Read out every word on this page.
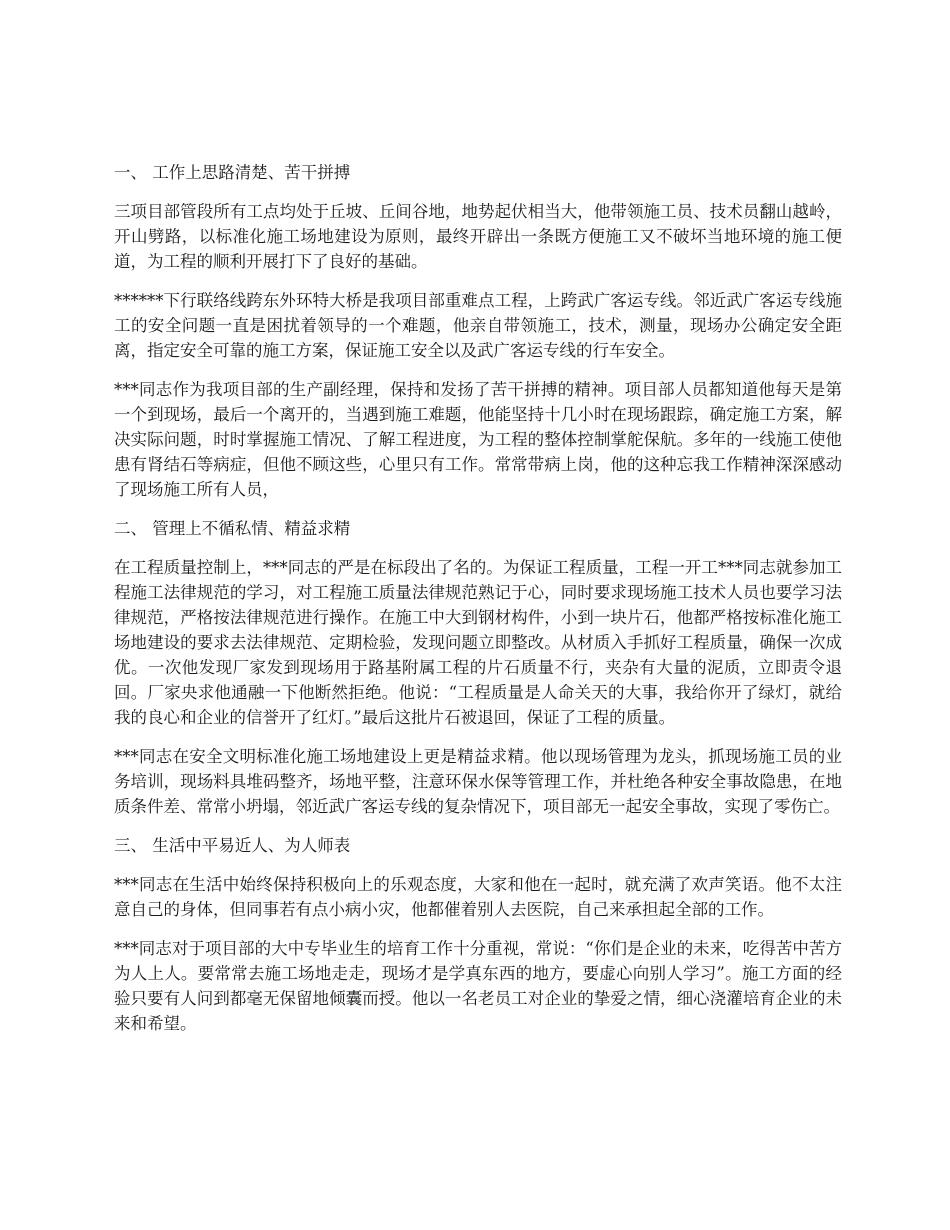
一、 工作上思路清楚、苦干拼搏

三项目部管段所有工点均处于丘坡、丘间谷地，地势起伏相当大，他带领施工员、技术员翻山越岭，开山劈路，以标准化施工场地建设为原则，最终开辟出一条既方便施工又不破坏当地环境的施工便道，为工程的顺利开展打下了良好的基础。

******下行联络线跨东外环特大桥是我项目部重难点工程，上跨武广客运专线。邻近武广客运专线施工的安全问题一直是困扰着领导的一个难题，他亲自带领施工，技术，测量，现场办公确定安全距离，指定安全可靠的施工方案，保证施工安全以及武广客运专线的行车安全。

***同志作为我项目部的生产副经理，保持和发扬了苦干拼搏的精神。项目部人员都知道他每天是第一个到现场，最后一个离开的，当遇到施工难题，他能坚持十几小时在现场跟踪，确定施工方案，解决实际问题，时时掌握施工情况、了解工程进度，为工程的整体控制掌舵保航。多年的一线施工使他患有肾结石等病症，但他不顾这些，心里只有工作。常常带病上岗，他的这种忘我工作精神深深感动了现场施工所有人员，

二、 管理上不循私情、精益求精

在工程质量控制上，***同志的严是在标段出了名的。为保证工程质量，工程一开工***同志就参加工程施工法律规范的学习，对工程施工质量法律规范熟记于心，同时要求现场施工技术人员也要学习法律规范，严格按法律规范进行操作。在施工中大到钢材构件，小到一块片石，他都严格按标准化施工场地建设的要求去法律规范、定期检验，发现问题立即整改。从材质入手抓好工程质量，确保一次成优。一次他发现厂家发到现场用于路基附属工程的片石质量不行，夹杂有大量的泥质，立即责令退回。厂家央求他通融一下他断然拒绝。他说：“工程质量是人命关天的大事，我给你开了绿灯，就给我的良心和企业的信誉开了红灯。”最后这批片石被退回，保证了工程的质量。

***同志在安全文明标准化施工场地建设上更是精益求精。他以现场管理为龙头，抓现场施工员的业务培训，现场料具堆码整齐，场地平整，注意环保水保等管理工作，并杜绝各种安全事故隐患，在地质条件差、常常小坍塌，邻近武广客运专线的复杂情况下，项目部无一起安全事故，实现了零伤亡。

三、 生活中平易近人、为人师表

***同志在生活中始终保持积极向上的乐观态度，大家和他在一起时，就充满了欢声笑语。他不太注意自己的身体，但同事若有点小病小灾，他都催着别人去医院，自己来承担起全部的工作。

***同志对于项目部的大中专毕业生的培育工作十分重视，常说：“你们是企业的未来，吃得苦中苦方为人上人。要常常去施工场地走走，现场才是学真东西的地方，要虚心向别人学习”。施工方面的经验只要有人问到都毫无保留地倾囊而授。他以一名老员工对企业的挚爱之情，细心浇灌培育企业的未来和希望。
